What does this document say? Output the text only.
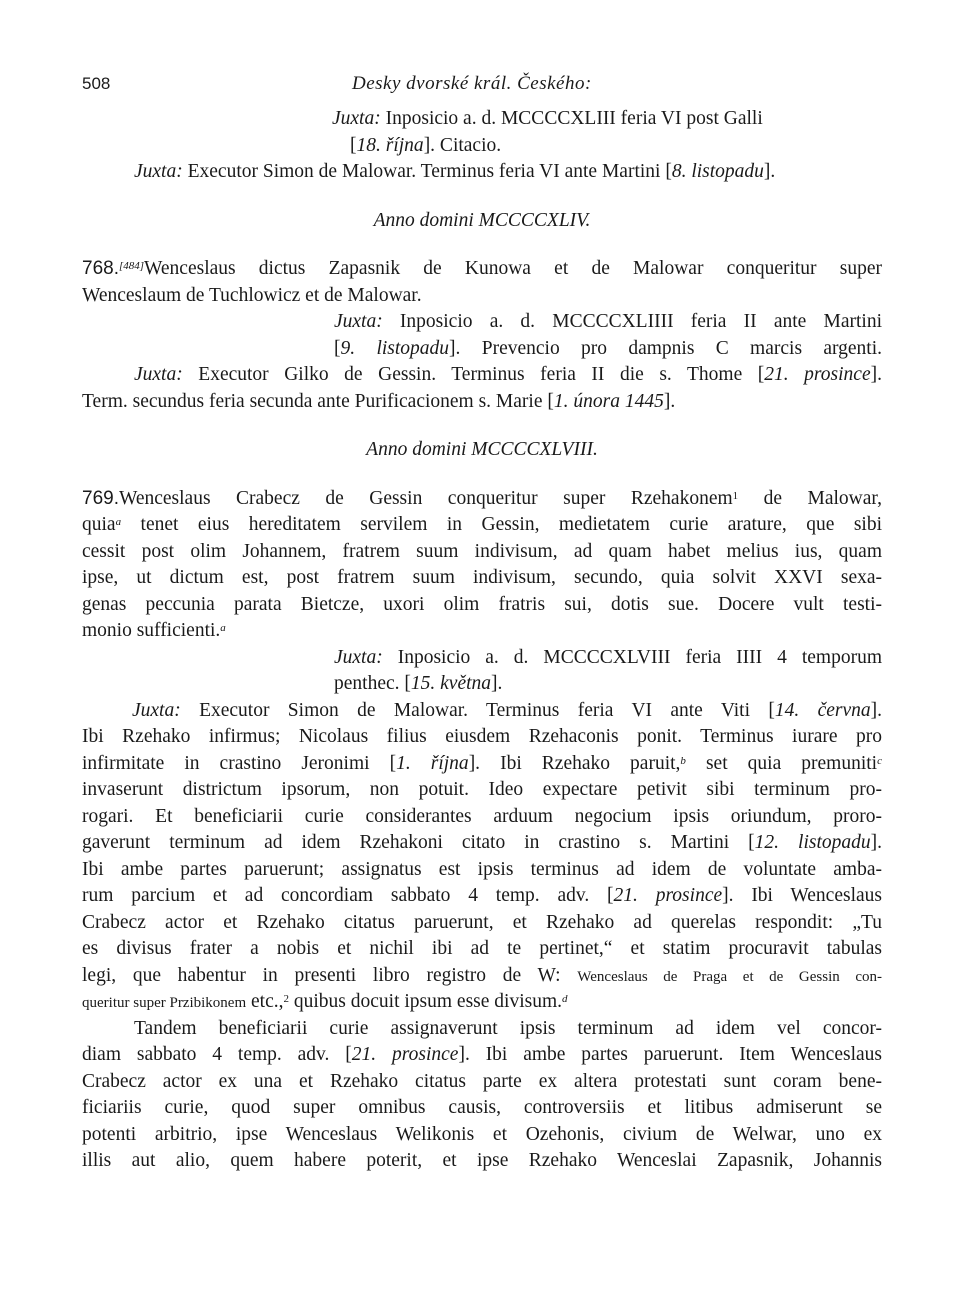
508	Desky dvorské král. Českého:
Juxta: Inposicio a. d. MCCCCXLIII feria VI post Galli
[18. října]. Citacio.
Juxta: Executor Simon de Malowar. Terminus feria VI ante Martini [8. listopadu].
Anno domini MCCCCXLIV.
768.[484]Wenceslaus dictus Zapasnik de Kunowa et de Malowar conqueritur super
Wenceslaum de Tuchlowicz et de Malowar.
Juxta: Inposicio a. d. MCCCCXLIIII feria II ante Martini
[9. listopadu]. Prevencio pro dampnis C marcis argenti.
Juxta: Executor Gilko de Gessin. Terminus feria II die s. Thome [21. prosince].
Term. secundus feria secunda ante Purificacionem s. Marie [1. února 1445].
Anno domini MCCCCXLVIII.
769.Wenceslaus Crabecz de Gessin conqueritur super Rzehakonem$^1$ de Malowar,
quia$^a$ tenet eius hereditatem servilem in Gessin, medietatem curie arature, que sibi
cessit post olim Johannem, fratrem suum indivisum, ad quam habet melius ius, quam
ipse, ut dictum est, post fratrem suum indivisum, secundo, quia solvit XXVI sexa-
genas peccunia parata Bietcze, uxori olim fratris sui, dotis sue. Docere vult testi-
monio sufficienti.$^a$
Juxta: Inposicio a. d. MCCCCXLVIII feria IIII 4 temporum
penthec. [15. května].
Juxta: Executor Simon de Malowar. Terminus feria VI ante Viti [14. června].
Ibi Rzehako infirmus; Nicolaus filius eiusdem Rzehaconis ponit. Terminus iurare pro
infirmitate in crastino Jeronimi [1. října]. Ibi Rzehako paruit,$^b$ set quia premuniti$^c$
invaserunt districtum ipsorum, non potuit. Ideo expectare petivit sibi terminum pro-
rogari. Et beneficiarii curie considerantes arduum negocium ipsis oriundum, proro-
gaverunt terminum ad idem Rzehakoni citato in crastino s. Martini [12. listopadu].
Ibi ambe partes paruerunt; assignatus est ipsis terminus ad idem de voluntate amba-
rum parcium et ad concordiam sabbato 4 temp. adv. [21. prosince]. Ibi Wenceslaus
Crabecz actor et Rzehako citatus paruerunt, et Rzehako ad querelas respondit: „Tu
es divisus frater a nobis et nichil ibi ad te pertinet,“ et statim procuravit tabulas
legi, que habentur in presenti libro registro de W: Wenceslaus de Praga et de Gessin con-
queritur super Przibikonem etc.,$^2$ quibus docuit ipsum esse divisum.$^d$
Tandem beneficiarii curie assignaverunt ipsis terminum ad idem vel concor-
diam sabbato 4 temp. adv. [21. prosince]. Ibi ambe partes paruerunt. Item Wenceslaus
Crabecz actor ex una et Rzehako citatus parte ex altera protestati sunt coram bene-
ficiariis curie, quod super omnibus causis, controversiis et litibus admiserunt se
potenti arbitrio, ipse Wenceslaus Welikonis et Ozehonis, civium de Welwar, uno ex
illis aut alio, quem habere poterit, et ipse Rzehako Wenceslai Zapasnik, Johannis
